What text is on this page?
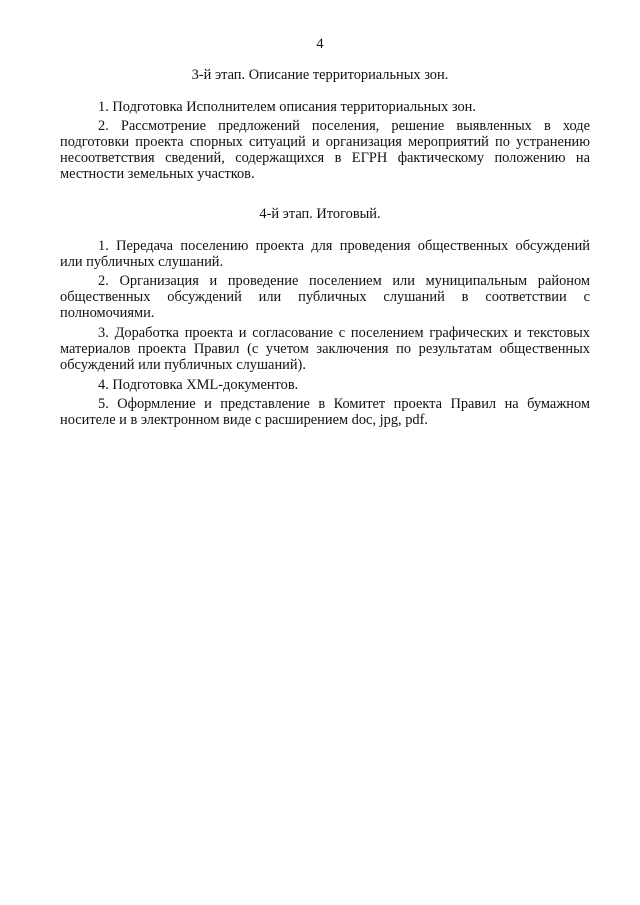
4
3-й этап. Описание территориальных зон.

1. Подготовка Исполнителем описания территориальных зон.

2. Рассмотрение предложений поселения, решение выявленных в ходе подготовки проекта спорных ситуаций и организация мероприятий по устранению несоответствия сведений, содержащихся в ЕГРН фактическому положению на местности земельных участков.

4-й этап. Итоговый.

1. Передача поселению проекта для проведения общественных обсуждений или публичных слушаний.

2. Организация и проведение поселением или муниципальным районом общественных обсуждений или публичных слушаний в соответствии с полномочиями.

3. Доработка проекта и согласование с поселением графических и текстовых материалов проекта Правил (с учетом заключения по результатам общественных обсуждений или публичных слушаний).

4. Подготовка XML-документов.

5. Оформление и представление в Комитет проекта Правил на бумажном носителе и в электронном виде с расширением doc, jpg, pdf.
